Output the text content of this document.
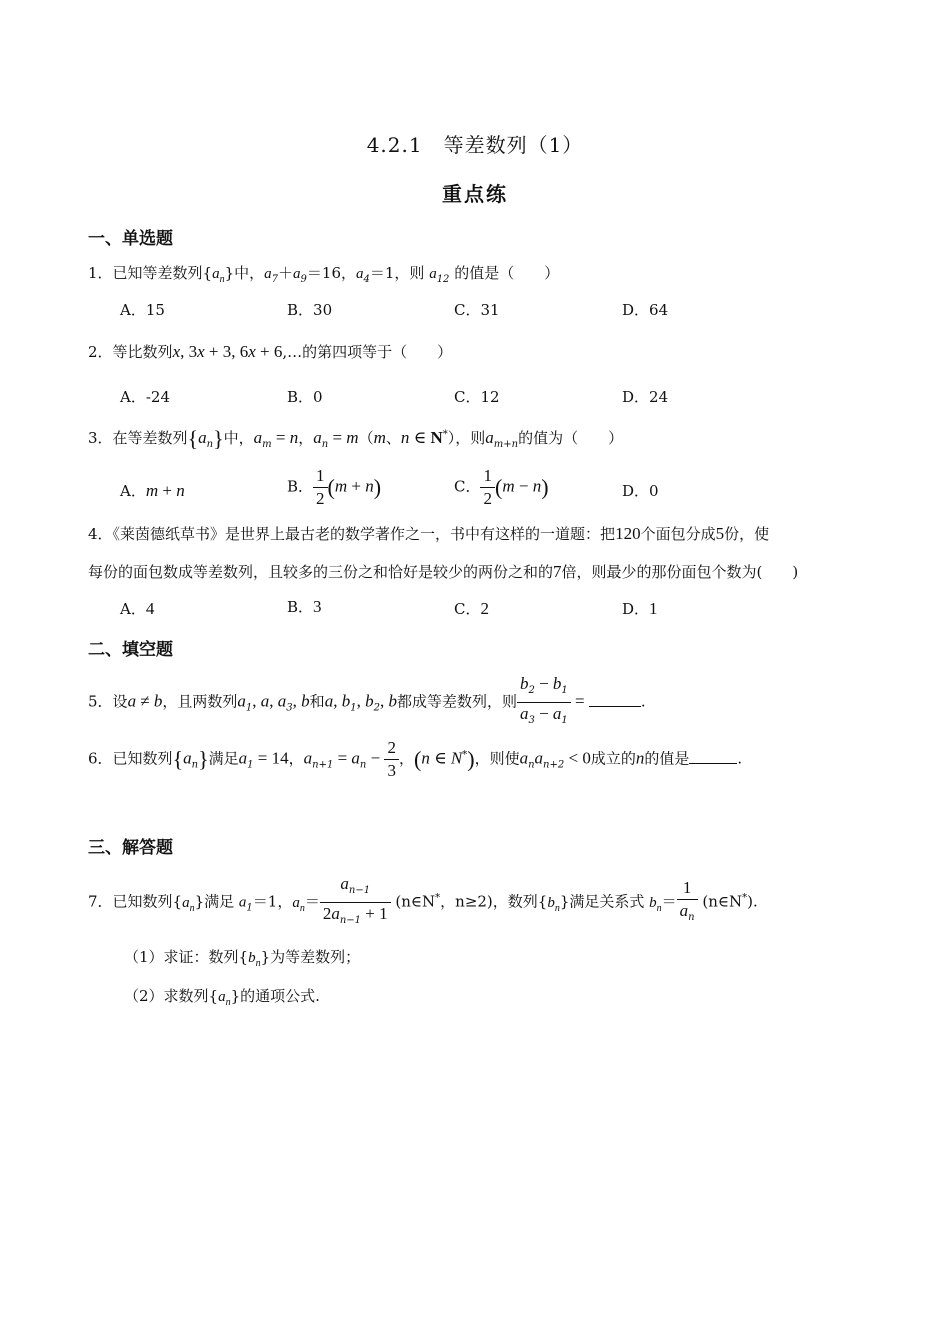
4.2.1　等差数列（1）
重点练
一、单选题
1．已知等差数列$\{a_n\}$中，$a_7+a_9=16$，$a_4=1$，则 $a_{12}$ 的值是（　　）
A．15	B．30	C．31	D．64
2．等比数列x, 3x + 3, 6x + 6,…的第四项等于（　　）
A．-24	B．0	C．12	D．24
3．在等差数列$\{a_n\}$中，$a_m = n$，$a_n = m(m$、n ∈ N*），则$a_{m+n}$的值为（　　）
A．m + n	B． $\frac{1}{2} (m + n)$	C． $\frac{1}{2} (m - n)$	D．0
4．《莱茵德纸草书》是世界上最古老的数学著作之一，书中有这样的一道题：把120个面包分成5份，使
每份的面包数成等差数列，且较多的三份之和恰好是较少的两份之和的7倍，则最少的那份面包个数为(　　)
A．4	B．3	C．2	D．1
二、填空题
5．设a ≠ b，且两数列$a_1$, a, $a_3$, b和a, $b_1$, $b_2$, b都成等差数列，则 $\frac{b_2 - b_1}{a_3 - a_1}$ =	.
6．已知数列$\{a_n\}$满足$a_1 = 14$，$a_{n+1} = a_n - \frac{2}{3}$ ，(n ∈ N*)，则使$a_na_{n+2} < 0$成立的n的值是	.
三、解答题
7．已知数列$\{a_n\}$满足 $a_1=1$，$a_n= \frac{a_{n-1}}{2a_{n-1} + 1}$ (n∈N*，n≥2)，数列$\{b_n\}$满足关系式 $b_n= \frac{1}{a_n}$ (n∈N*).
（1）求证：数列$\{b_n\}$为等差数列；
（2）求数列$\{a_n\}$的通项公式.
